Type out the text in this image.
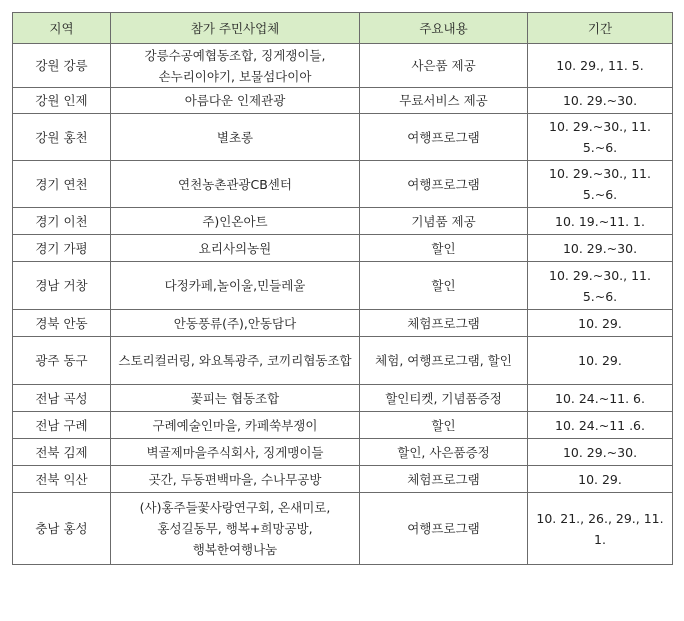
지역	참가 주민사업체	주요내용	기간
강원 강릉	강릉수공예협동조합, 징게쟁이들, 손누리이야기, 보물섬다이아	사은품 제공	10. 29., 11. 5.
강원 인제	아름다운 인제관광	무료서비스 제공	10. 29.~30.
강원 홍천	별초롱	여행프로그램	10. 29.~30., 11. 5.~6.
경기 연천	연천농촌관광CB센터	여행프로그램	10. 29.~30., 11. 5.~6.
경기 이천	주)인온아트	기념품 제공	10. 19.~11. 1.
경기 가평	요리사의농원	할인	10. 29.~30.
경남 거창	다정카페,놀이울,민들레울	할인	10. 29.~30., 11. 5.~6.
경북 안동	안동풍류(주),안동담다	체험프로그램	10. 29.
광주 동구	스토리컬러링, 와요톡광주, 코끼리협동조합	체험, 여행프로그램, 할인	10. 29.
전남 곡성	꽃피는 협동조합	할인티켓, 기념품증정	10. 24.~11. 6.
전남 구례	구례예술인마을, 카페쑥부쟁이	할인	10. 24.~11 .6.
전북 김제	벽골제마을주식회사, 징게맹이들	할인, 사은품증정	10. 29.~30.
전북 익산	곳간, 두동편백마을, 수나무공방	체험프로그램	10. 29.
충남 홍성	(사)홍주들꽃사랑연구회, 온새미로, 홍성길동무, 행복+희망공방, 행복한여행나눔	여행프로그램	10. 21., 26., 29., 11. 1.
